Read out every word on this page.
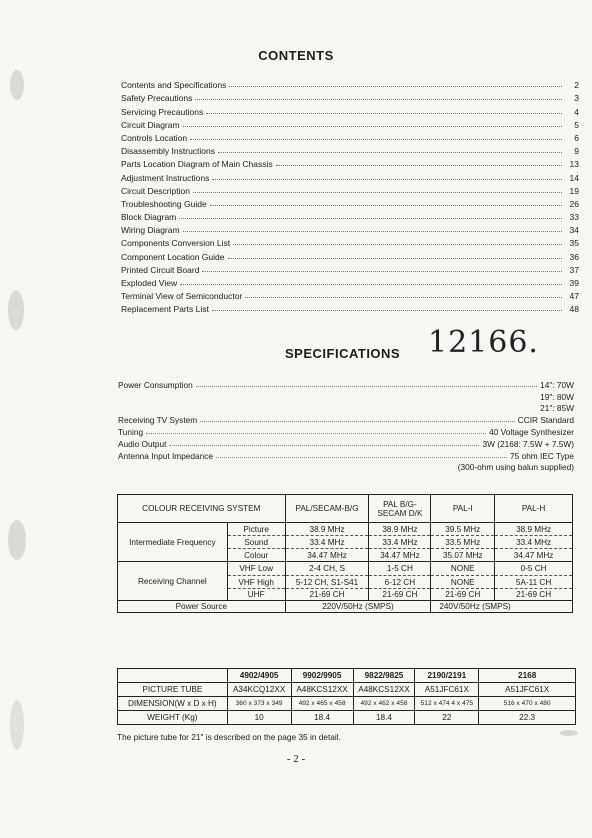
CONTENTS
Contents and Specifications	2
Safety Precautions	3
Servicing Precautions	4
Circuit Diagram	5
Controls Location	6
Disassembly Instructions	9
Parts Location Diagram of Main Chassis	13
Adjustment Instructions	14
Circuit Description	19
Troubleshooting Guide	26
Block Diagram	33
Wiring Diagram	34
Components Conversion List	35
Component Location Guide	36
Printed Circuit Board	37
Exploded View	39
Terminal View of Semiconductor	47
Replacement Parts List	48
SPECIFICATIONS 12166.
Power Consumption	14": 70W
19": 80W
21": 85W
Receiving TV System	CCIR Standard
Tuning	40 Voltage Synthesizer
Audio Output	3W (2168: 7.5W + 7.5W)
Antenna Input Impedance	75 ohm IEC Type
(300-ohm using balun supplied)
COLOUR RECEIVING SYSTEM		PAL/SECAM-B/G	PAL B/G-SECAM D/K	PAL-I	PAL-H
Intermediate Frequency	Picture	38.9 MHz	38.9 MHz	39.5 MHz	38.9 MHz
	Sound	33.4 MHz	33.4 MHz	33.5 MHz	33.4 MHz
	Colour	34.47 MHz	34.47 MHz	35.07 MHz	34.47 MHz
Receiving Channel	VHF Low	2-4 CH, S	1-5 CH	NONE	0-5 CH
	VHF High	5-12 CH, S1-S41	6-12 CH	NONE	5A-11 CH
	UHF	21-69 CH	21-69 CH	21-69 CH	21-69 CH
Power Source		220V/50Hz (SMPS)		240V/50Hz (SMPS)	
	4902/4905	9902/9905	9822/9825	2190/2191	2168
PICTURE TUBE	A34KCQ12XX	A48KCS12XX	A48KCS12XX	A51JFC61X	A51JFC61X
DIMENSION(W x D x H)	360 x 373 x 349	492 x 465 x 458	492 x 462 x 458	512 x 474 4 x 475	516 x 470 x 480
WEIGHT (Kg)	10	18.4	18.4	22	22.3
The picture tube for 21" is described on the page 35 in detail.
- 2 -
